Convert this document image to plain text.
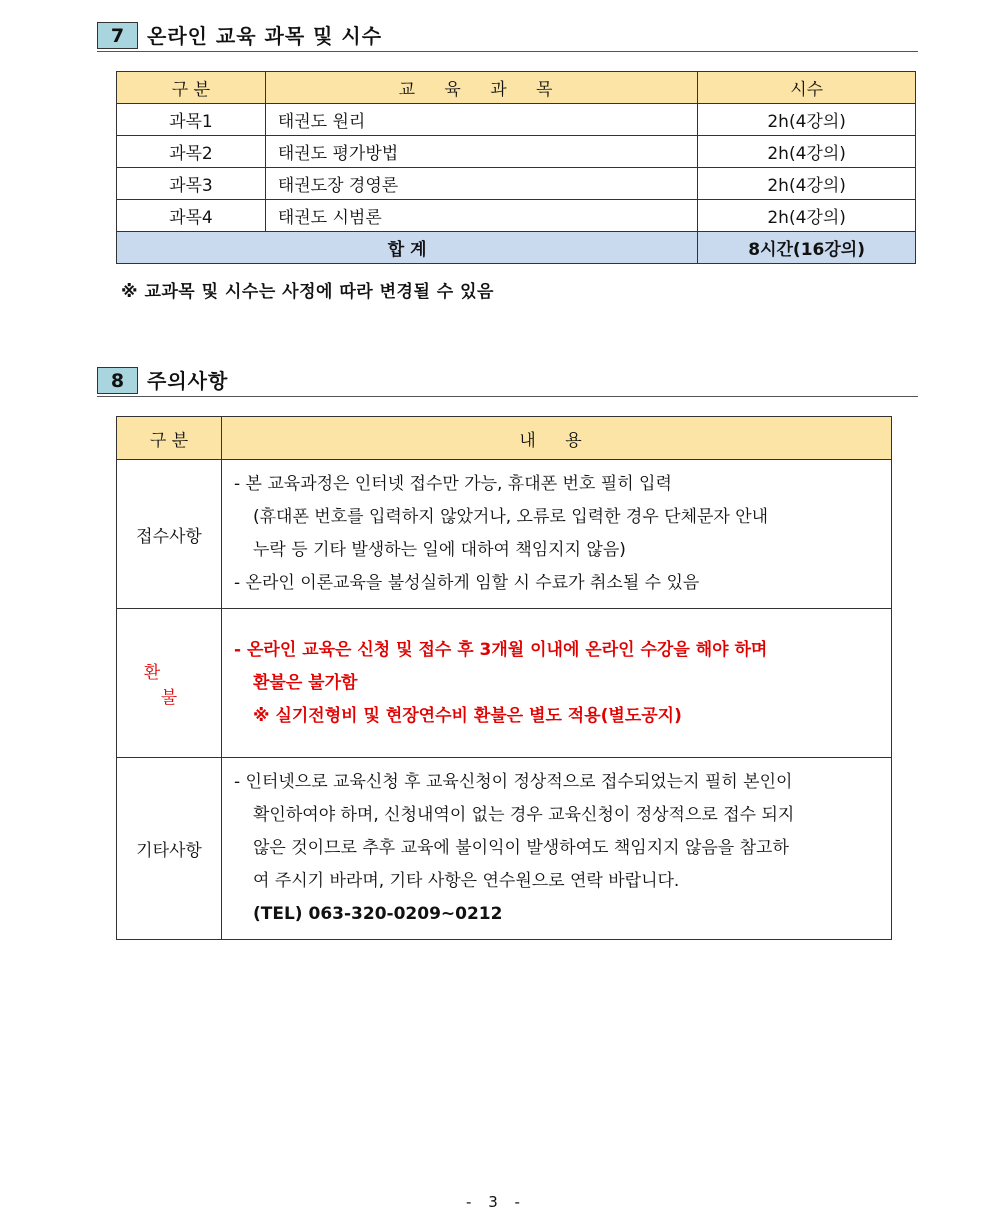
7	온라인 교육 과목 및 시수
구 분	교 육 과 목	시수
과목1	태권도 원리	2h(4강의)
과목2	태권도 평가방법	2h(4강의)
과목3	태권도장 경영론	2h(4강의)
과목4	태권도 시범론	2h(4강의)
합 계		8시간(16강의)
※ 교과목 및 시수는 사정에 따라 변경될 수 있음
8	주의사항
구 분	내 용
접수사항	- 본 교육과정은 인터넷 접수만 가능, 휴대폰 번호 필히 입력
(휴대폰 번호를 입력하지 않았거나, 오류로 입력한 경우 단체문자 안내
누락 등 기타 발생하는 일에 대하여 책임지지 않음)
- 온라인 이론교육을 불성실하게 임할 시 수료가 취소될 수 있음

환 불	- 온라인 교육은 신청 및 접수 후 3개월 이내에 온라인 수강을 해야 하며
환불은 불가함
※ 실기전형비 및 현장연수비 환불은 별도 적용(별도공지)

기타사항	- 인터넷으로 교육신청 후 교육신청이 정상적으로 접수되었는지 필히 본인이
확인하여야 하며, 신청내역이 없는 경우 교육신청이 정상적으로 접수 되지
않은 것이므로 추후 교육에 불이익이 발생하여도 책임지지 않음을 참고하
여 주시기 바라며, 기타 사항은 연수원으로 연락 바랍니다.
(TEL) 063-320-0209~0212
- 3 -
